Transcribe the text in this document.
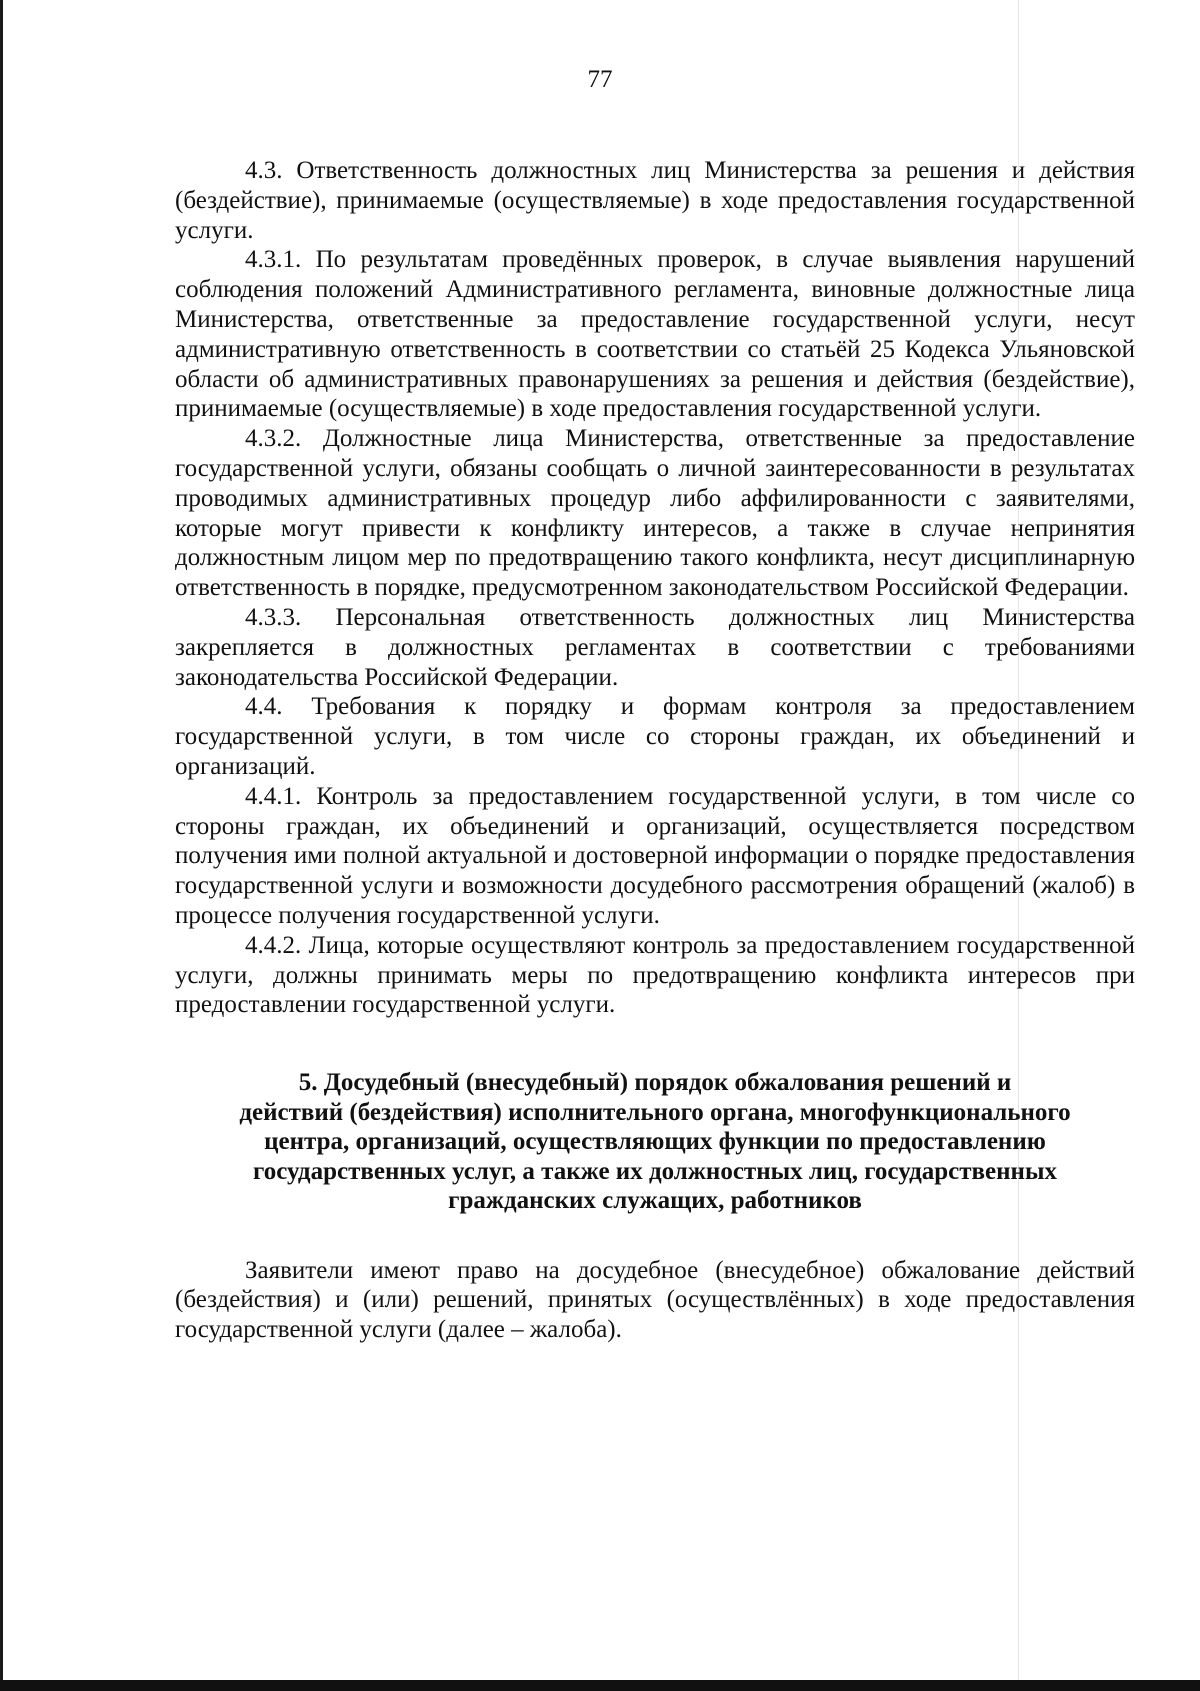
77

4.3. Ответственность должностных лиц Министерства за решения и действия (бездействие), принимаемые (осуществляемые) в ходе предоставления государственной услуги.

4.3.1. По результатам проведённых проверок, в случае выявления нарушений соблюдения положений Административного регламента, виновные должностные лица Министерства, ответственные за предоставление государственной услуги, несут административную ответственность в соответствии со статьёй 25 Кодекса Ульяновской области об административных правонарушениях за решения и действия (бездействие), принимаемые (осуществляемые) в ходе предоставления государственной услуги.

4.3.2. Должностные лица Министерства, ответственные за предоставление государственной услуги, обязаны сообщать о личной заинтересованности в результатах проводимых административных процедур либо аффилированности с заявителями, которые могут привести к конфликту интересов, а также в случае непринятия должностным лицом мер по предотвращению такого конфликта, несут дисциплинарную ответственность в порядке, предусмотренном законодательством Российской Федерации.

4.3.3. Персональная ответственность должностных лиц Министерства закрепляется в должностных регламентах в соответствии с требованиями законодательства Российской Федерации.

4.4. Требования к порядку и формам контроля за предоставлением государственной услуги, в том числе со стороны граждан, их объединений и организаций.

4.4.1. Контроль за предоставлением государственной услуги, в том числе со стороны граждан, их объединений и организаций, осуществляется посредством получения ими полной актуальной и достоверной информации о порядке предоставления государственной услуги и возможности досудебного рассмотрения обращений (жалоб) в процессе получения государственной услуги.

4.4.2. Лица, которые осуществляют контроль за предоставлением государственной услуги, должны принимать меры по предотвращению конфликта интересов при предоставлении государственной услуги.

5. Досудебный (внесудебный) порядок обжалования решений и
действий (бездействия) исполнительного органа, многофункционального
центра, организаций, осуществляющих функции по предоставлению
государственных услуг, а также их должностных лиц, государственных
гражданских служащих, работников

Заявители имеют право на досудебное (внесудебное) обжалование действий (бездействия) и (или) решений, принятых (осуществлённых) в ходе предоставления государственной услуги (далее – жалоба).
